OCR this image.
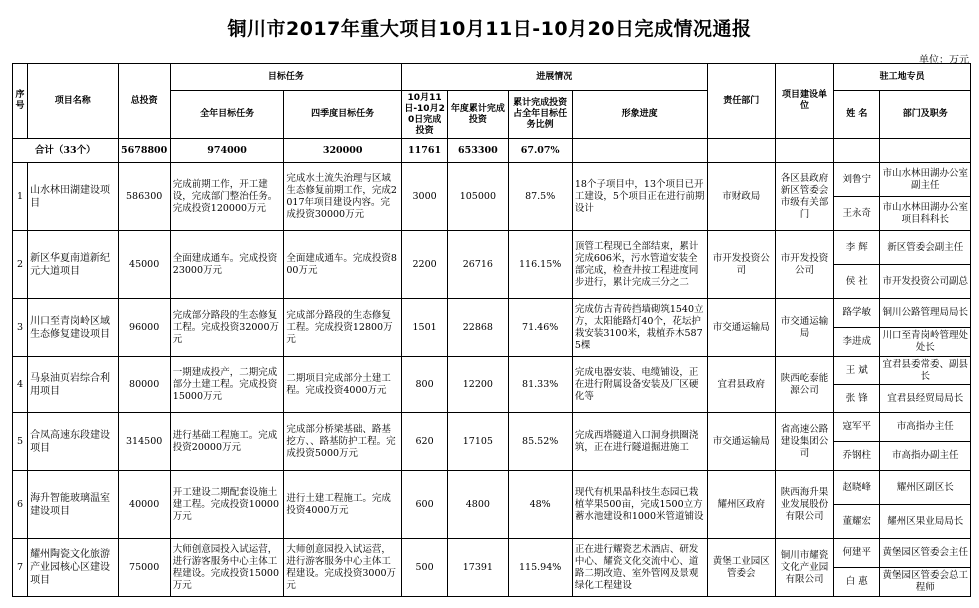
铜川市2017年重大项目10月11日-10月20日完成情况通报
单位：万元
序号	项目名称	总投资	目标任务		进展情况				责任部门	项目建设单位	驻工地专员	
			全年目标任务	四季度目标任务	10月11日-10月20日完成投资	年度累计完成投资	累计完成投资占全年目标任务比例	形象进度			姓 名	部门及职务
合计（33个）		5678800	974000	320000	11761	653300	67.07%					
1	山水林田湖建设项目	586300	完成前期工作，开工建设，完成部门整治任务。完成投资120000万元	完成水土流失治理与区域生态修复前期工作，完成2017年项目建设内容。完成投资30000万元	3000	105000	87.5%	18个子项目中，13个项目已开工建设，5个项目正在进行前期设计	市财政局	各区县政府新区管委会市级有关部门	刘鲁宁	市山水林田湖办公室副主任
											王永奇	市山水林田湖办公室项目科科长
2	新区华夏南道新纪元大道项目	45000	全面建成通车。完成投资23000万元	全面建成通车。完成投资800万元	2200	26716	116.15%	顶管工程现已全部结束，累计完成606米，污水管道安装全部完成，检查井按工程进度同步进行，累计完成三分之二	市开发投资公司	市开发投资公司	李 辉	新区管委会副主任
											侯 社	市开发投资公司副总
3	川口至青岗岭区域生态修复建设项目	96000	完成部分路段的生态修复工程。完成投资32000万元	完成部分路段的生态修复工程。完成投资12800万元	1501	22868	71.46%	完成仿古青砖挡墙砌筑1540立方，太阳能路灯40个，花坛护栽安装3100米，栽植乔木5875棵	市交通运输局	市交通运输局	路学敏	铜川公路管理局局长
											李进成	川口至青岗岭管理处处长
4	马泉油页岩综合利用项目	80000	一期建成投产，二期完成部分土建工程。完成投资15000万元	二期项目完成部分土建工程。完成投资4000万元	800	12200	81.33%	完成电器安装、电缆铺设，正在进行附属设备安装及厂区硬化等	宜君县政府	陕西屹泰能源公司	王 斌	宜君县委常委、副县长
											张 锋	宜君县经贸局局长
5	合凤高速东段建设项目	314500	进行基础工程施工。完成投资20000万元	完成部分桥梁基础、路基挖方、、路基防护工程。完成投资5000万元	620	17105	85.52%	完成西塔隧道入口洞身拱圈浇筑，正在进行隧道掘进施工	市交通运输局	省高速公路建设集团公司	寇军平	市高指办主任
											乔钢柱	市高指办副主任
6	海升智能玻璃温室建设项目	40000	开工建设二期配套设施土建工程。完成投资10000万元	进行土建工程施工。完成投资4000万元	600	4800	48%	现代有机果晶科技生态园已栽植苹果500亩，完成1500立方蓄水池建设和1000米管道铺设	耀州区政府	陕西海升果业发展股份有限公司	赵晓峰	耀州区副区长
											董耀宏	耀州区果业局局长
7	耀州陶瓷文化旅游产业园核心区建设项目	75000	大师创意园投入试运营，进行游客服务中心主体工程建设。完成投资15000万元	大师创意园投入试运营，进行游客服务中心主体工程建设。完成投资3000万元	500	17391	115.94%	正在进行耀瓷艺术酒店、研发中心、耀瓷文化交流中心、道路二期改造、室外管网及景观绿化工程建设	黄堡工业园区管委会	铜川市耀瓷文化产业园有限公司	何建平	黄堡园区管委会主任
											白 惠	黄堡园区管委会总工程师
